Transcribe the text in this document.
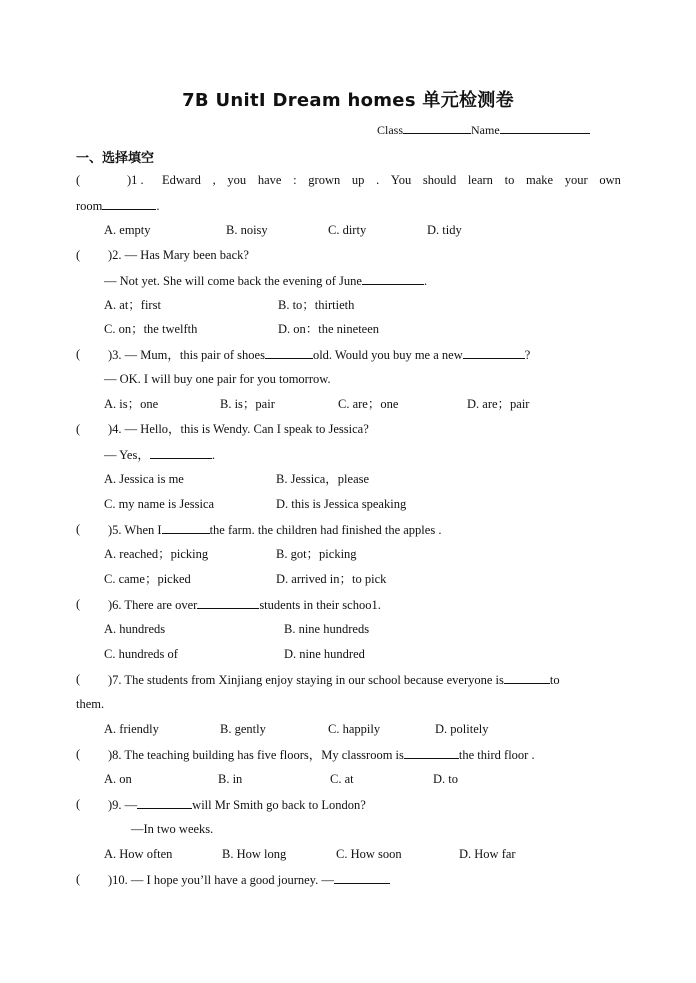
7B UnitⅠ Dream homes 单元检测卷
Class	Name
一、选择填空
( )1 . Edward , you have : grown up . You should learn to make your own
room	.
A. empty	B. noisy	C. dirty	D. tidy
( )2. — Has Mary been back?
— Not yet. She will come back the evening of June	.
A. at；first	B. to；thirtieth
C. on；the twelfth	D. on：the nineteen
( )3. — Mum，this pair of shoes	old. Would you buy me a new	?
— OK. I will buy one pair for you tomorrow.
A. is；one	B. is；pair	C. are；one	D. are；pair
( )4. — Hello，this is Wendy. Can I speak to Jessica?
— Yes，	.
A. Jessica is me	B. Jessica，please
C. my name is Jessica	D. this is Jessica speaking
( )5. When I	the farm. the children had finished the apples .
A. reached；picking	B. got；picking
C. came；picked	D. arrived in；to pick
( )6. There are over	students in their schoo1.
A. hundreds	B. nine hundreds
C. hundreds of	D. nine hundred
( )7. The students from Xinjiang enjoy staying in our school because everyone is	to
them.
A. friendly	B. gently	C. happily	D. politely
( )8. The teaching building has five floors，My classroom is	the third floor .
A. on	B. in	C. at	D. to
( )9. —	will Mr Smith go back to London?
—In two weeks.
A. How often	B. How long	C. How soon	D. How far
( )10. — I hope you’ll have a good journey. —
